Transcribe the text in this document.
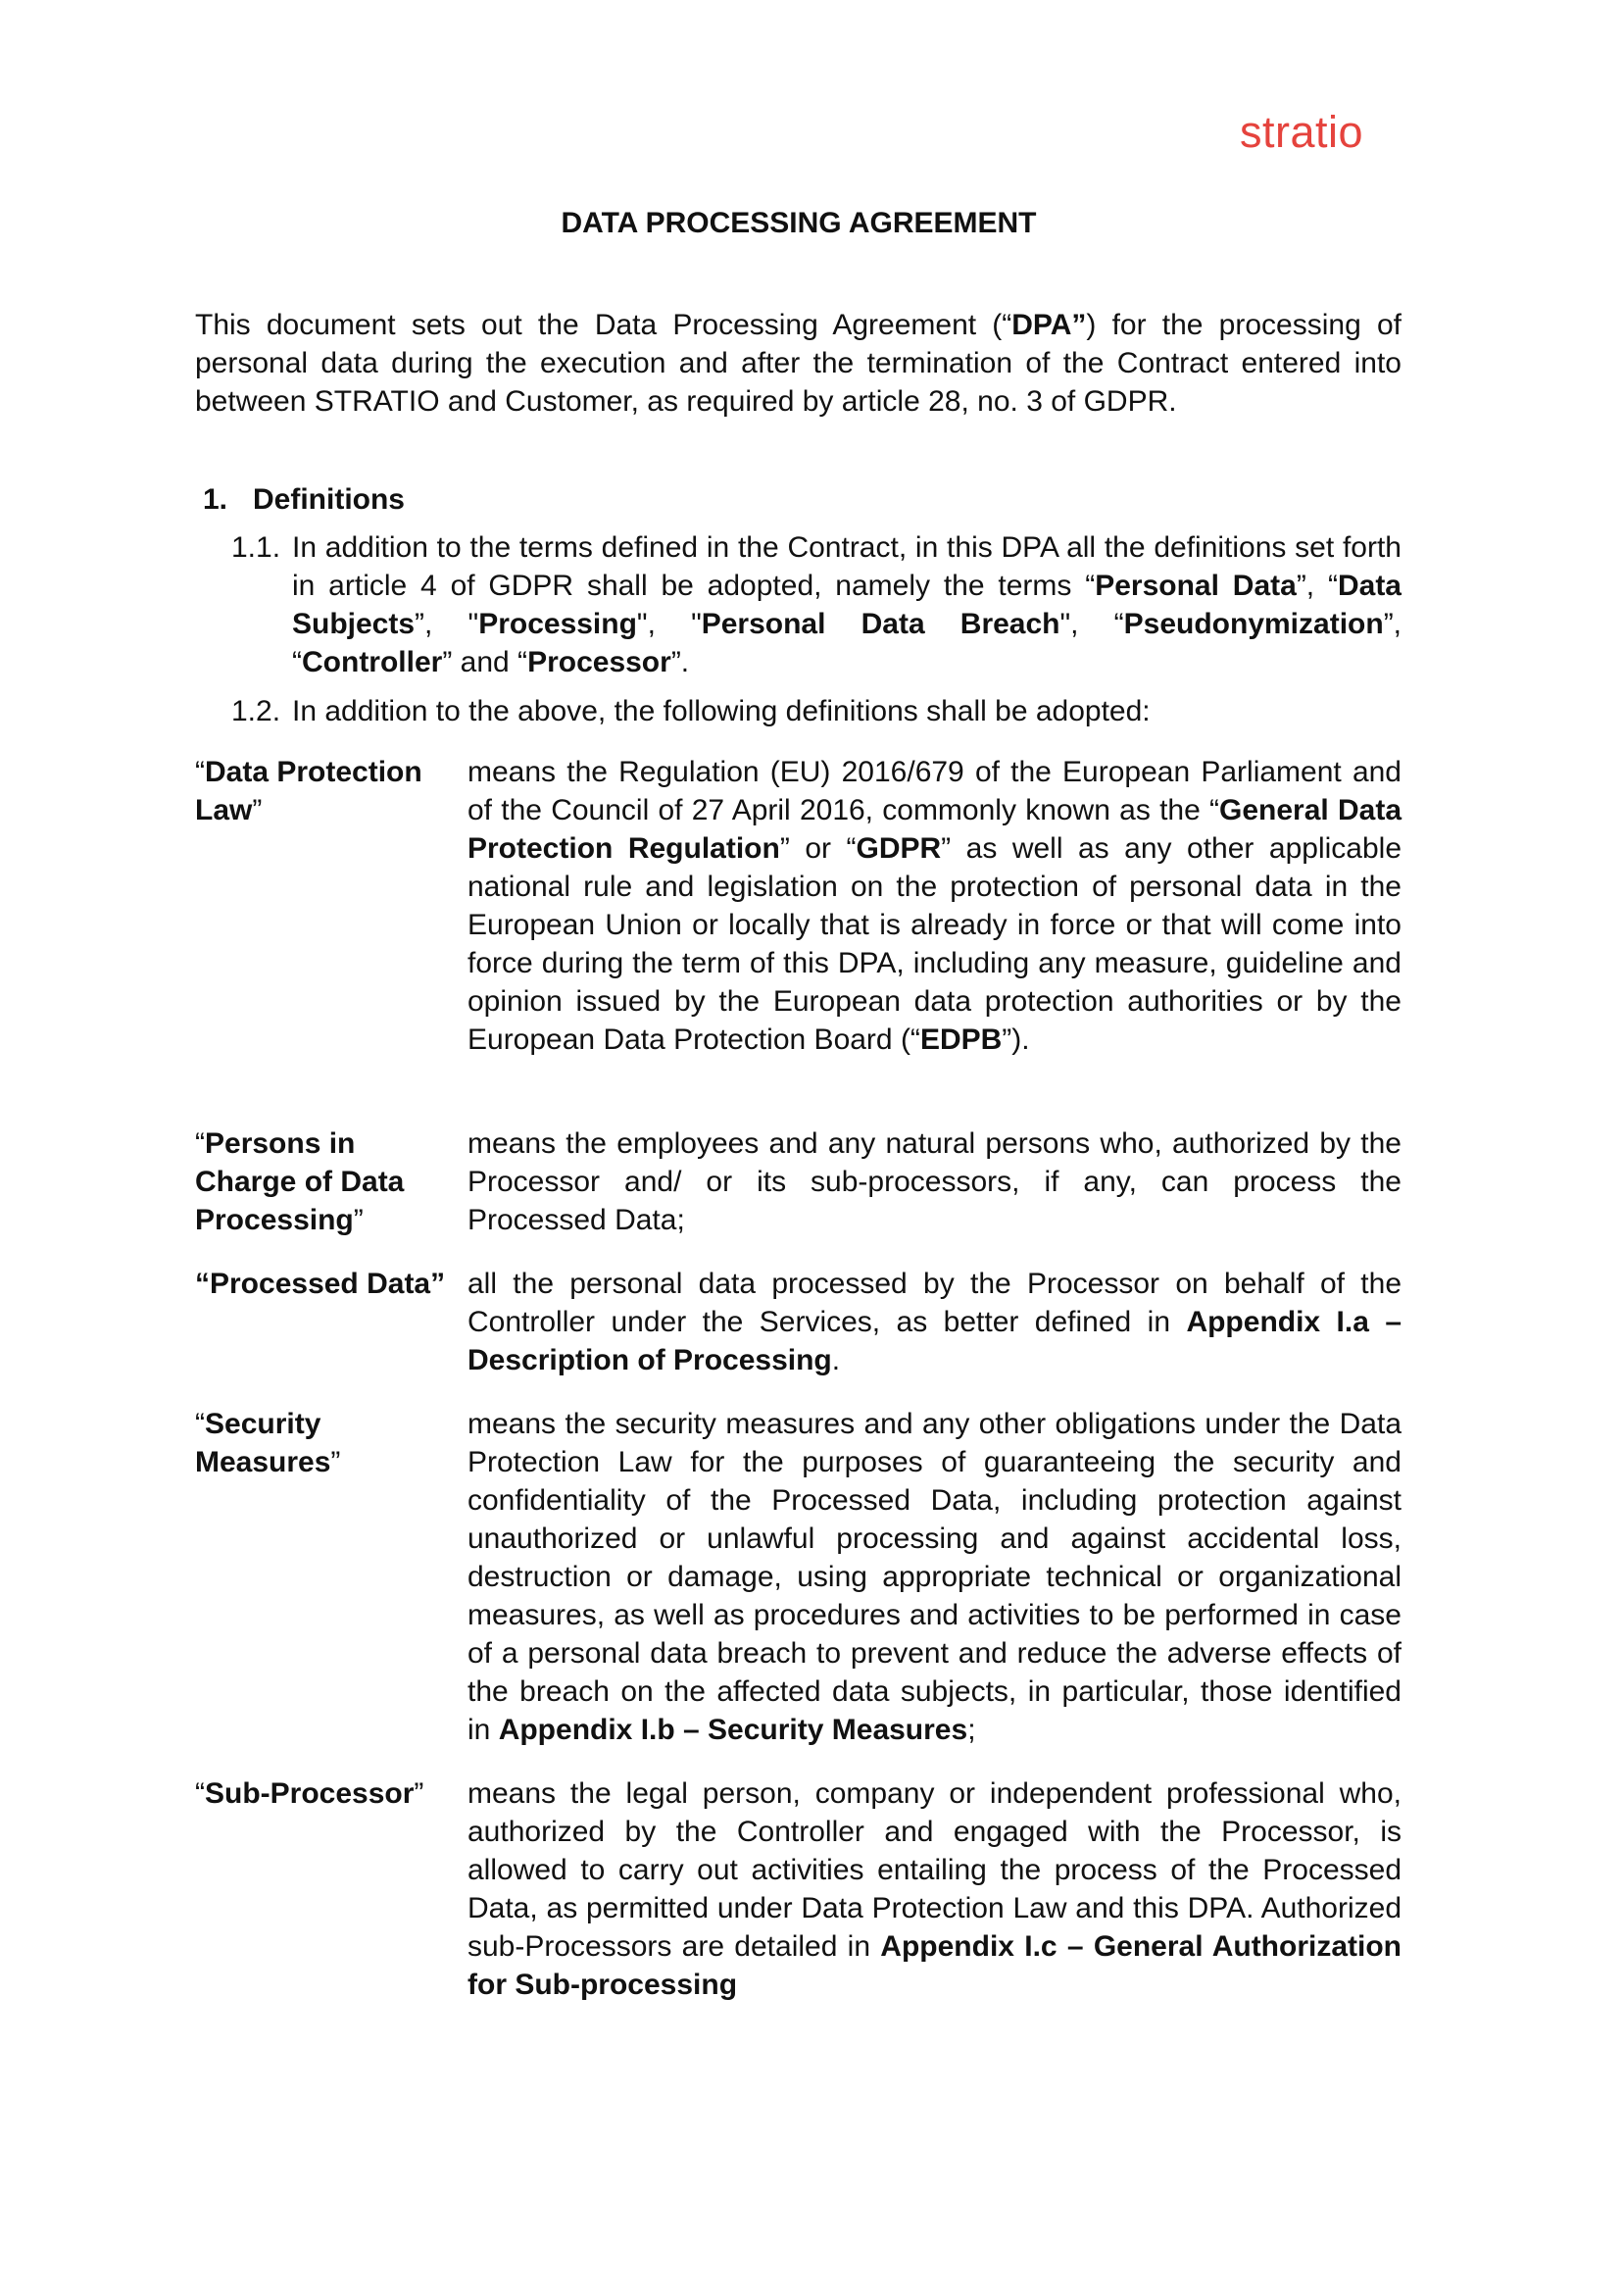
stratio
DATA PROCESSING AGREEMENT
This document sets out the Data Processing Agreement (“DPA”) for the processing of personal data during the execution and after the termination of the Contract entered into between STRATIO and Customer, as required by article 28, no. 3 of GDPR.
1. Definitions
1.1. In addition to the terms defined in the Contract, in this DPA all the definitions set forth in article 4 of GDPR shall be adopted, namely the terms “Personal Data”, “Data Subjects”, "Processing", "Personal Data Breach", “Pseudonymization”, “Controller” and “Processor”.
1.2. In addition to the above, the following definitions shall be adopted:
“Data Protection Law”
means the Regulation (EU) 2016/679 of the European Parliament and of the Council of 27 April 2016, commonly known as the “General Data Protection Regulation” or “GDPR” as well as any other applicable national rule and legislation on the protection of personal data in the European Union or locally that is already in force or that will come into force during the term of this DPA, including any measure, guideline and opinion issued by the European data protection authorities or by the European Data Protection Board (“EDPB”).
“Persons in Charge of Data Processing”
means the employees and any natural persons who, authorized by the Processor and/ or its sub-processors, if any, can process the Processed Data;
“Processed Data” all the personal data processed by the Processor on behalf of the Controller under the Services, as better defined in Appendix I.a – Description of Processing.
“Security Measures”
means the security measures and any other obligations under the Data Protection Law for the purposes of guaranteeing the security and confidentiality of the Processed Data, including protection against unauthorized or unlawful processing and against accidental loss, destruction or damage, using appropriate technical or organizational measures, as well as procedures and activities to be performed in case of a personal data breach to prevent and reduce the adverse effects of the breach on the affected data subjects, in particular, those identified in Appendix I.b – Security Measures;
“Sub-Processor”	means the legal person, company or independent professional who, authorized by the Controller and engaged with the Processor, is allowed to carry out activities entailing the process of the Processed Data, as permitted under Data Protection Law and this DPA. Authorized sub-Processors are detailed in Appendix I.c – General Authorization for Sub-processing
